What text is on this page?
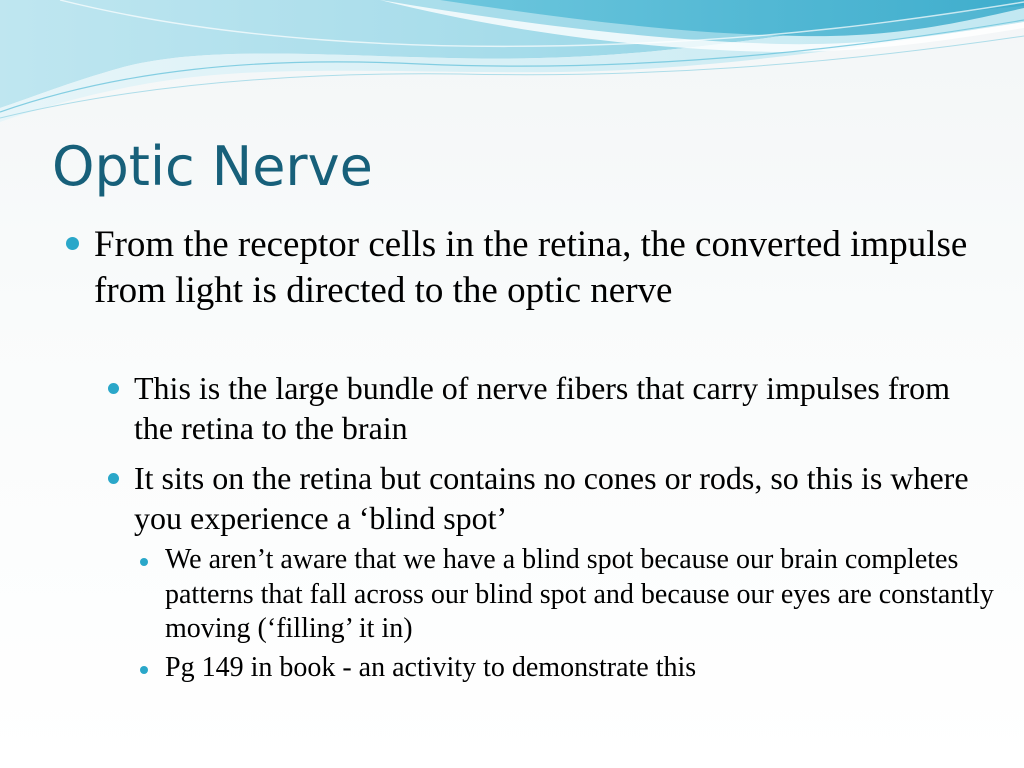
Optic Nerve
From the receptor cells in the retina, the converted impulse from light is directed to the optic nerve
This is the large bundle of nerve fibers that carry impulses from the retina to the brain
It sits on the retina but contains no cones or rods, so this is where you experience a ‘blind spot’
We aren’t aware that we have a blind spot because our brain completes patterns that fall across our blind spot and because our eyes are constantly moving (‘filling’ it in)
Pg 149 in book - an activity to demonstrate this
